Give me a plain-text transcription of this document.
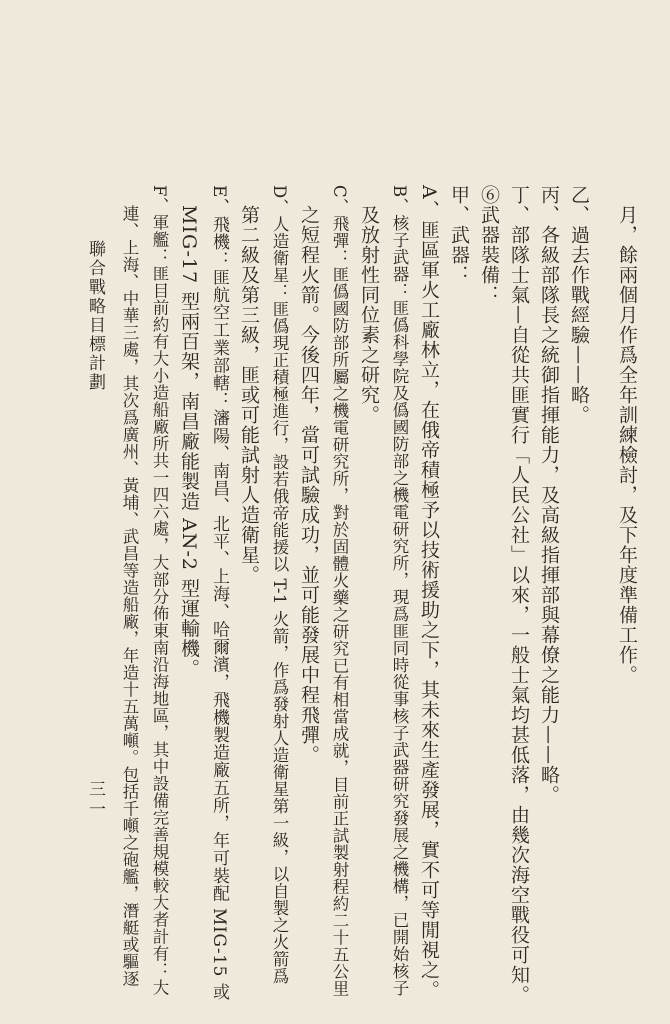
月，餘兩個月作爲全年訓練檢討，及下年度準備工作。
乙、過去作戰經驗——略。
丙、各級部隊長之統御指揮能力，及高級指揮部與幕僚之能力——略。
丁、部隊士氣—自從共匪實行「人民公社」以來，一般士氣均甚低落，由幾次海空戰役可知。
⑥武器裝備：
甲、武器：
A、匪區軍火工廠林立，在俄帝積極予以技術援助之下，其未來生產發展，實不可等閒視之。
B、核子武器：匪僞科學院及僞國防部之機電研究所，現爲匪同時從事核子武器研究發展之機構，已開始核子
及放射性同位素之研究。
C、飛彈：匪僞國防部所屬之機電研究所，對於固體火藥之研究已有相當成就，目前正試製射程約二十五公里
之短程火箭。今後四年，當可試驗成功，並可能發展中程飛彈。
D、人造衛星：匪僞現正積極進行，設若俄帝能援以 T-1 火箭，作爲發射人造衛星第一級，以自製之火箭爲
第二級及第三級，匪或可能試射人造衛星。
E、飛機：匪航空工業部轄：瀋陽、南昌、北平、上海、哈爾濱，飛機製造廠五所，年可裝配 MIG-15 或
MIG-17 型兩百架，南昌廠能製造 AN-2 型運輸機。
F、軍艦：匪目前約有大小造船廠所共一四六處，大部分佈東南沿海地區，其中設備完善規模較大者計有：大
連、上海、中華三處，其次爲廣州、黃埔、武昌等造船廠，年造十五萬噸。包括千噸之砲艦，潛艇或驅逐
聯合戰略目標計劃
三一
